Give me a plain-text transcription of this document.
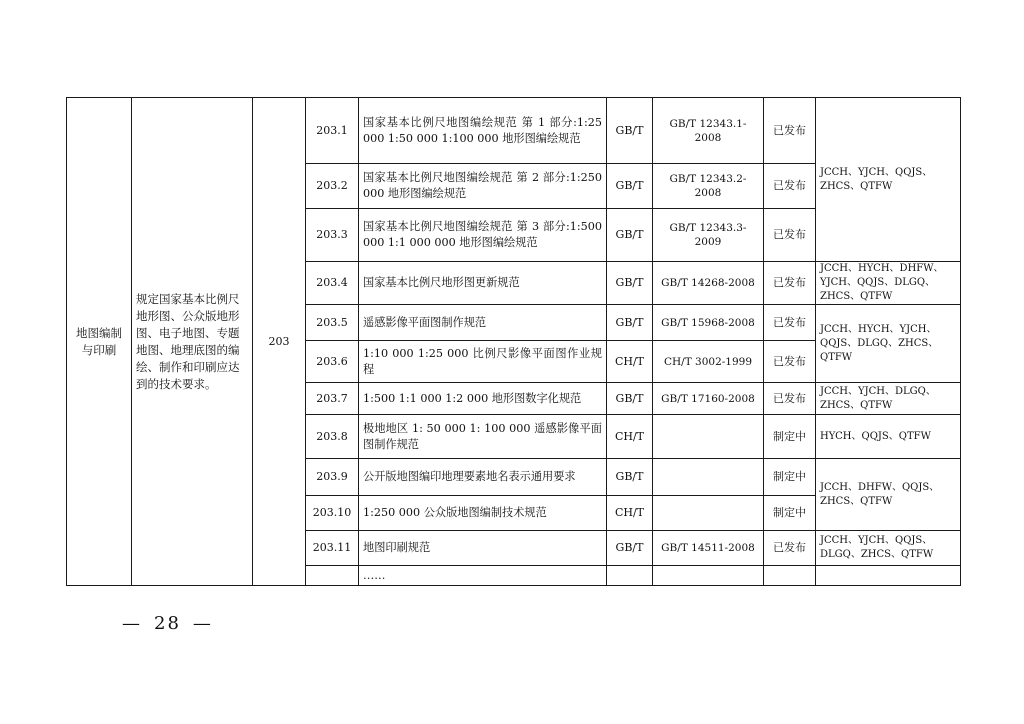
地图编制与印刷	规定国家基本比例尺地形图、公众版地形图、电子地图、专题地图、地理底图的编绘、制作和印刷应达到的技术要求。	203	203.1	国家基本比例尺地图编绘规范 第 1 部分:1:25 000 1:50 000 1:100 000 地形图编绘规范	GB/T	GB/T 12343.1-2008	已发布	JCCH、YJCH、QQJS、ZHCS、QTFW
			203.2	国家基本比例尺地图编绘规范 第 2 部分:1:250 000 地形图编绘规范	GB/T	GB/T 12343.2-2008	已发布	
			203.3	国家基本比例尺地图编绘规范 第 3 部分:1:500 000 1:1 000 000 地形图编绘规范	GB/T	GB/T 12343.3-2009	已发布	
			203.4	国家基本比例尺地形图更新规范	GB/T	GB/T 14268-2008	已发布	JCCH、HYCH、DHFW、YJCH、QQJS、DLGQ、ZHCS、QTFW
			203.5	遥感影像平面图制作规范	GB/T	GB/T 15968-2008	已发布	JCCH、HYCH、YJCH、QQJS、DLGQ、ZHCS、QTFW
			203.6	1:10 000 1:25 000 比例尺影像平面图作业规程	CH/T	CH/T 3002-1999	已发布	
			203.7	1:500 1:1 000 1:2 000 地形图数字化规范	GB/T	GB/T 17160-2008	已发布	JCCH、YJCH、DLGQ、ZHCS、QTFW
			203.8	极地地区 1: 50 000 1: 100 000 遥感影像平面图制作规范	CH/T		制定中	HYCH、QQJS、QTFW
			203.9	公开版地图编印地理要素地名表示通用要求	GB/T		制定中	JCCH、DHFW、QQJS、ZHCS、QTFW
			203.10	1:250 000 公众版地图编制技术规范	CH/T		制定中	
			203.11	地图印刷规范	GB/T	GB/T 14511-2008	已发布	JCCH、YJCH、QQJS、DLGQ、ZHCS、QTFW
				……				
— 28 —
